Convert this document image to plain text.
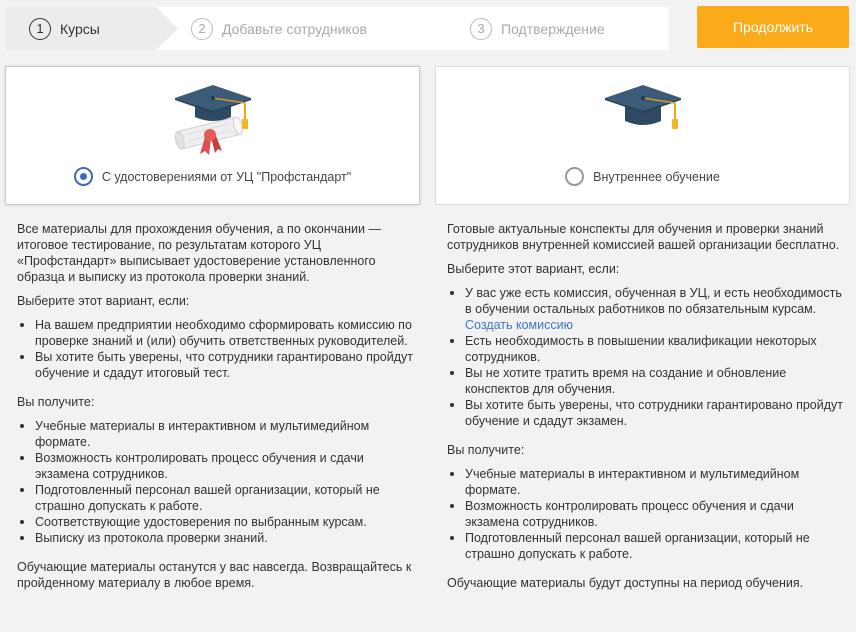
1	Курсы	2	Добавьте сотрудников	3	Подтверждение	Продолжить
С удостоверениями от УЦ "Профстандарт"	Внутреннее обучение

Все материалы для прохождения обучения, а по окончании — итоговое тестирование, по результатам которого УЦ «Профстандарт» выписывает удостоверение установленного образца и выписку из протокола проверки знаний.

Выберите этот вариант, если:

На вашем предприятии необходимо сформировать комиссию по проверке знаний и (или) обучить ответственных руководителей.
Вы хотите быть уверены, что сотрудники гарантировано пройдут обучение и сдадут итоговый тест.

Вы получите:

Учебные материалы в интерактивном и мультимедийном формате.
Возможность контролировать процесс обучения и сдачи экзамена сотрудников.
Подготовленный персонал вашей организации, который не страшно допускать к работе.
Соответствующие удостоверения по выбранным курсам.
Выписку из протокола проверки знаний.

Обучающие материалы останутся у вас навсегда. Возвращайтесь к пройденному материалу в любое время.

Готовые актуальные конспекты для обучения и проверки знаний сотрудников внутренней комиссией вашей организации бесплатно.

Выберите этот вариант, если:

У вас уже есть комиссия, обученная в УЦ, и есть необходимость в обучении остальных работников по обязательным курсам. Создать комиссию
Есть необходимость в повышении квалификации некоторых сотрудников.
Вы не хотите тратить время на создание и обновление конспектов для обучения.
Вы хотите быть уверены, что сотрудники гарантировано пройдут обучение и сдадут экзамен.

Вы получите:

Учебные материалы в интерактивном и мультимедийном формате.
Возможность контролировать процесс обучения и сдачи экзамена сотрудников.
Подготовленный персонал вашей организации, который не страшно допускать к работе.

Обучающие материалы будут доступны на период обучения.
